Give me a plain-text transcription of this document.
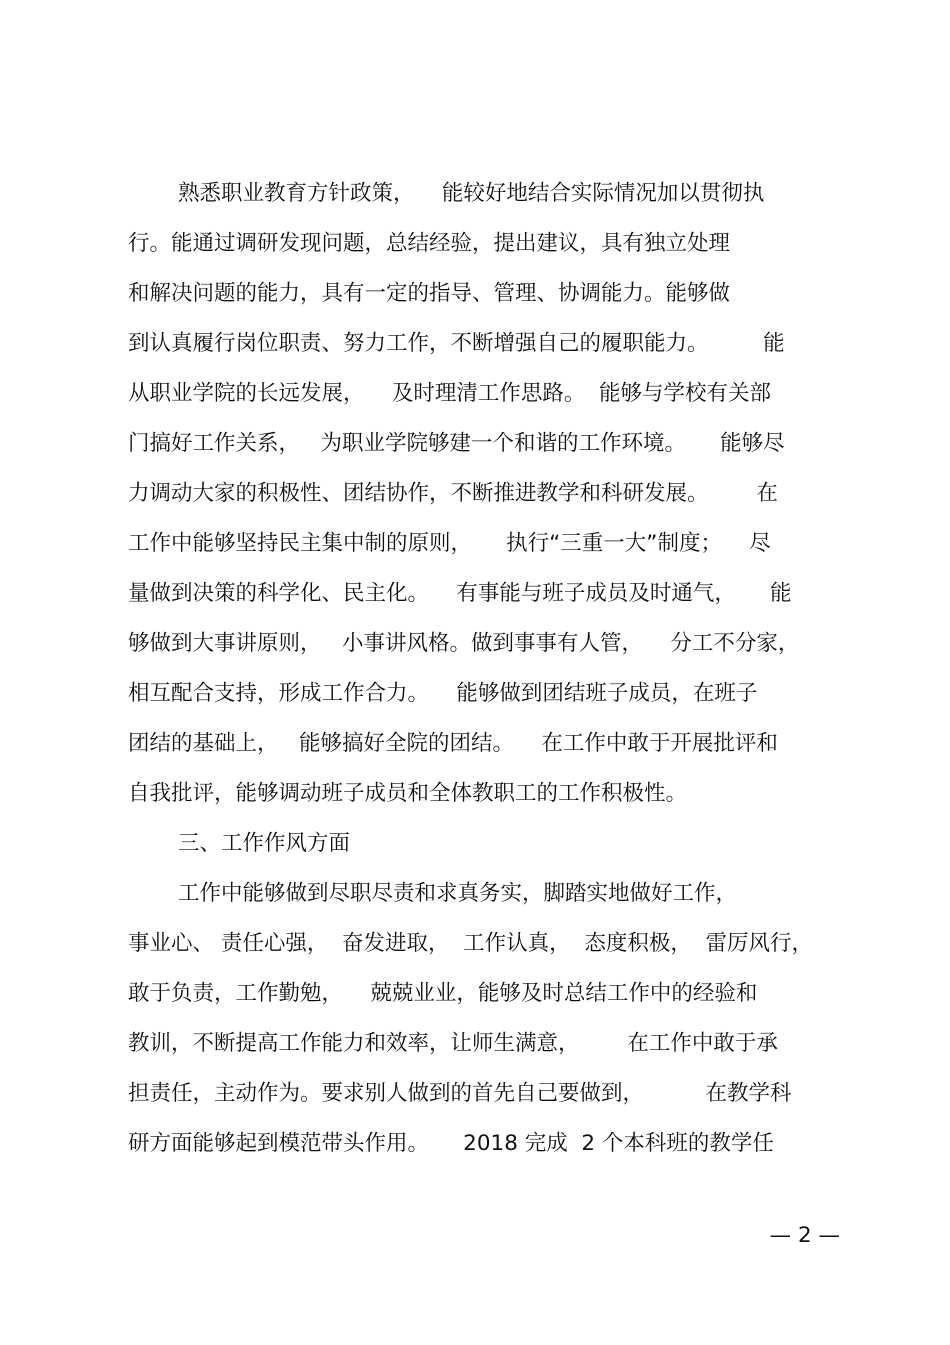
熟悉职业教育方针政策，    能较好地结合实际情况加以贯彻执
行。能通过调研发现问题，总结经验，提出建议，具有独立处理
和解决问题的能力，具有一定的指导、管理、协调能力。能够做
到认真履行岗位职责、努力工作，不断增强自己的履职能力。        能
从职业学院的长远发展，    及时理清工作思路。  能够与学校有关部
门搞好工作关系，   为职业学院够建一个和谐的工作环境。     能够尽
力调动大家的积极性、团结协作，不断推进教学和科研发展。       在
工作中能够坚持民主集中制的原则，     执行“三重一大”制度；    尽
量做到决策的科学化、民主化。    有事能与班子成员及时通气，     能
够做到大事讲原则，   小事讲风格。做到事事有人管，    分工不分家，
相互配合支持，形成工作合力。    能够做到团结班子成员，在班子
团结的基础上，   能够搞好全院的团结。    在工作中敢于开展批评和
自我批评，能够调动班子成员和全体教职工的工作积极性。
三、工作作风方面
工作中能够做到尽职尽责和求真务实，脚踏实地做好工作，
事业心、 责任心强，  奋发进取，  工作认真，  态度积极，  雷厉风行，
敢于负责，工作勤勉，    兢兢业业，能够及时总结工作中的经验和
教训，不断提高工作能力和效率，让师生满意，       在工作中敢于承
担责任，主动作为。要求别人做到的首先自己要做到，         在教学科
研方面能够起到模范带头作用。     2018 完成  2 个本科班的教学任
— 2 —
